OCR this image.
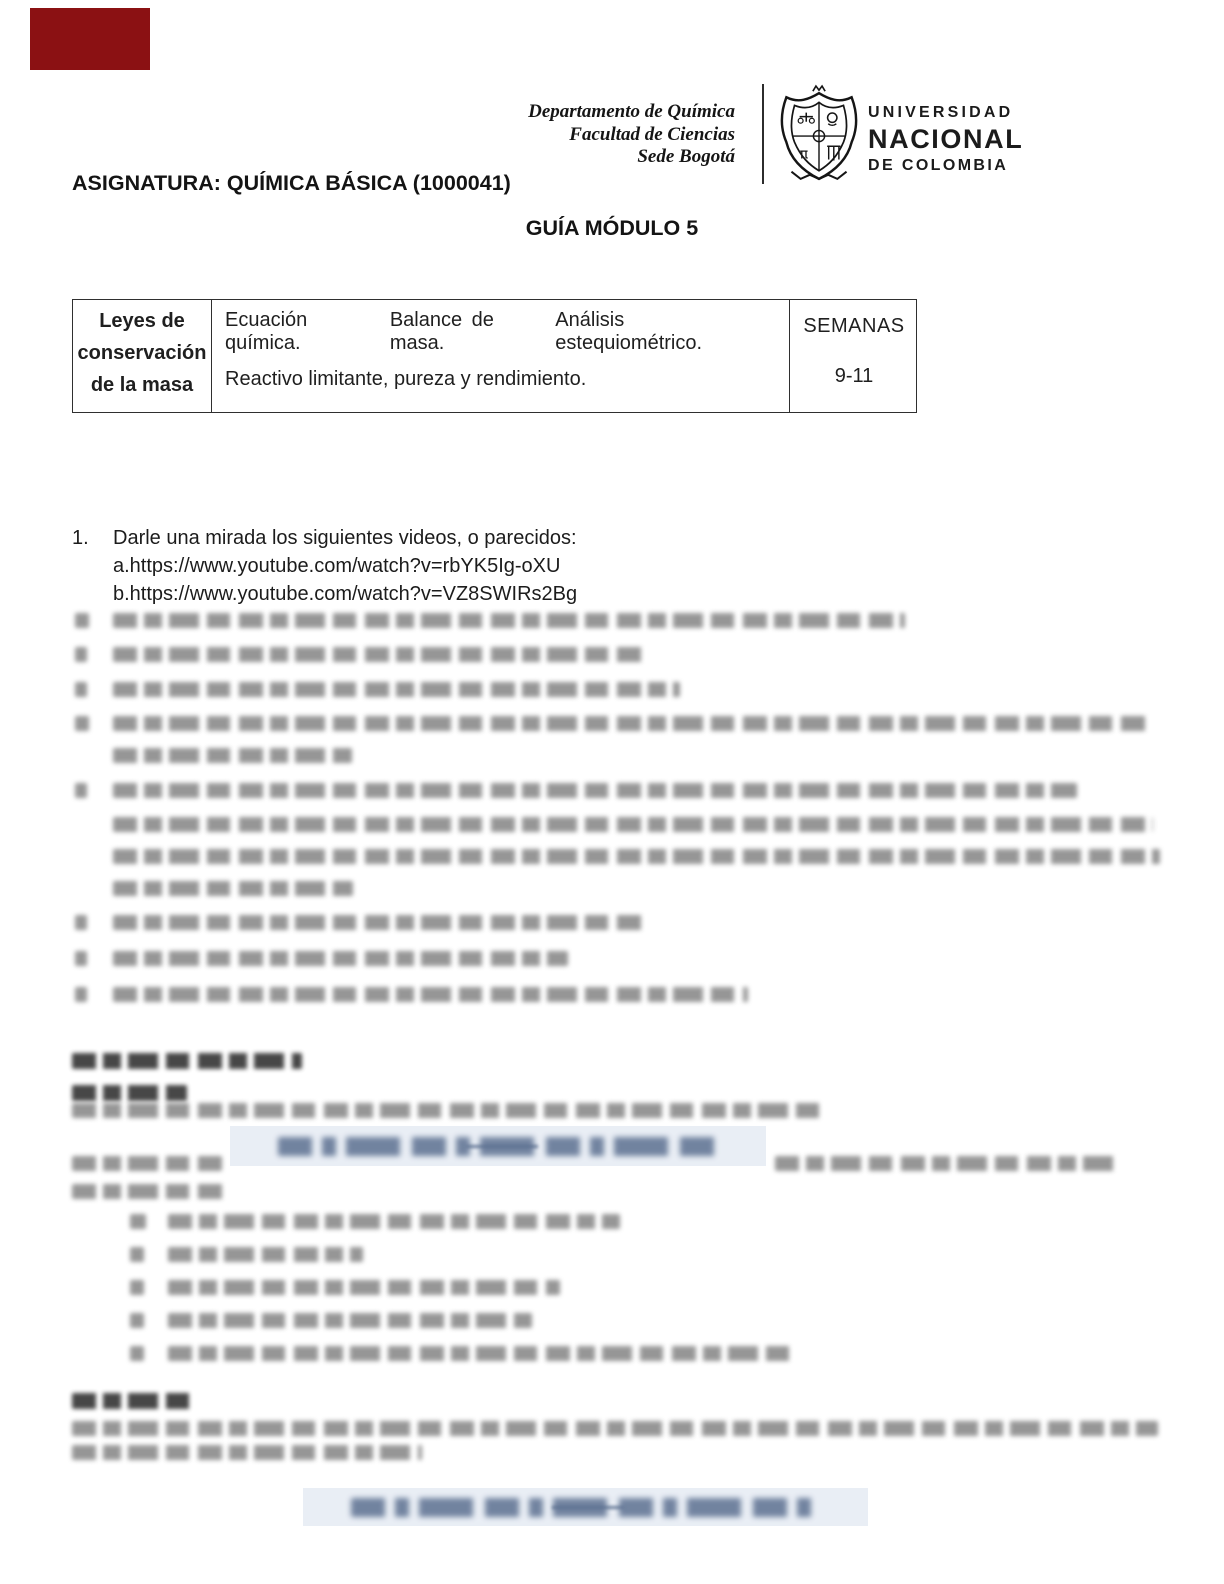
Departamento de Química
Facultad de Ciencias
Sede Bogotá	π
UNIVERSIDAD
NACIONAL
DE COLOMBIA
ASIGNATURA: QUÍMICA BÁSICA (1000041)
GUÍA MÓDULO 5
Leyes de conservación de la masa
Ecuación química.
Balance de masa.
Análisis estequiométrico.
Reactivo limitante, pureza y rendimiento.
SEMANAS
9-11
1. Darle una mirada los siguientes videos, o parecidos:
a.https://www.youtube.com/watch?v=rbYK5Ig-oXU
b.https://www.youtube.com/watch?v=VZ8SWIRs2Bg
